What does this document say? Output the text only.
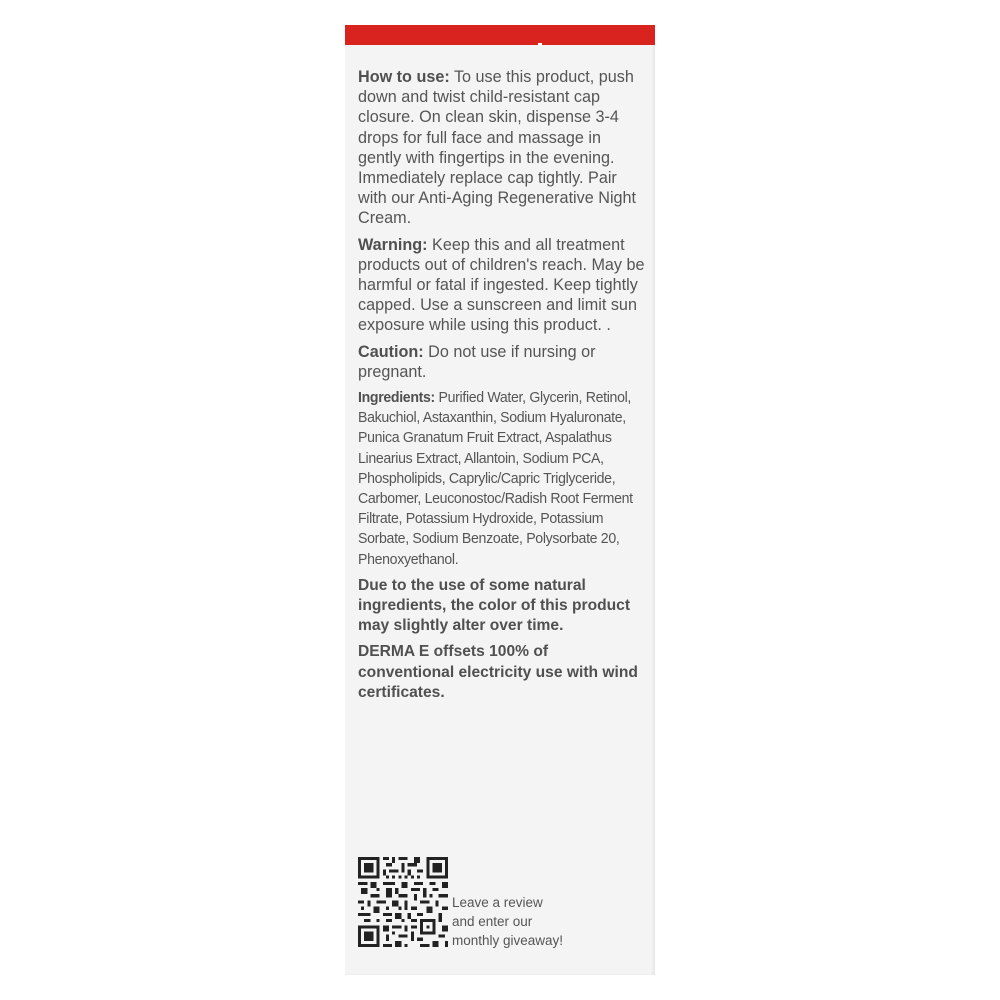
How to use: To use this product, push down and twist child-resistant cap closure. On clean skin, dispense 3-4 drops for full face and massage in gently with fingertips in the evening. Immediately replace cap tightly. Pair with our Anti-Aging Regenerative Night Cream.

Warning: Keep this and all treatment products out of children's reach. May be harmful or fatal if ingested. Keep tightly capped. Use a sunscreen and limit sun exposure while using this product. .

Caution: Do not use if nursing or pregnant.

Ingredients: Purified Water, Glycerin, Retinol, Bakuchiol, Astaxanthin, Sodium Hyaluronate, Punica Granatum Fruit Extract, Aspalathus Linearius Extract, Allantoin, Sodium PCA, Phospholipids, Caprylic/Capric Triglyceride, Carbomer, Leuconostoc/Radish Root Ferment Filtrate, Potassium Hydroxide, Potassium Sorbate, Sodium Benzoate, Polysorbate 20, Phenoxyethanol.

Due to the use of some natural ingredients, the color of this product may slightly alter over time.

DERMA E offsets 100% of conventional electricity use with wind certificates.

Leave a review
and enter our
monthly giveaway!
